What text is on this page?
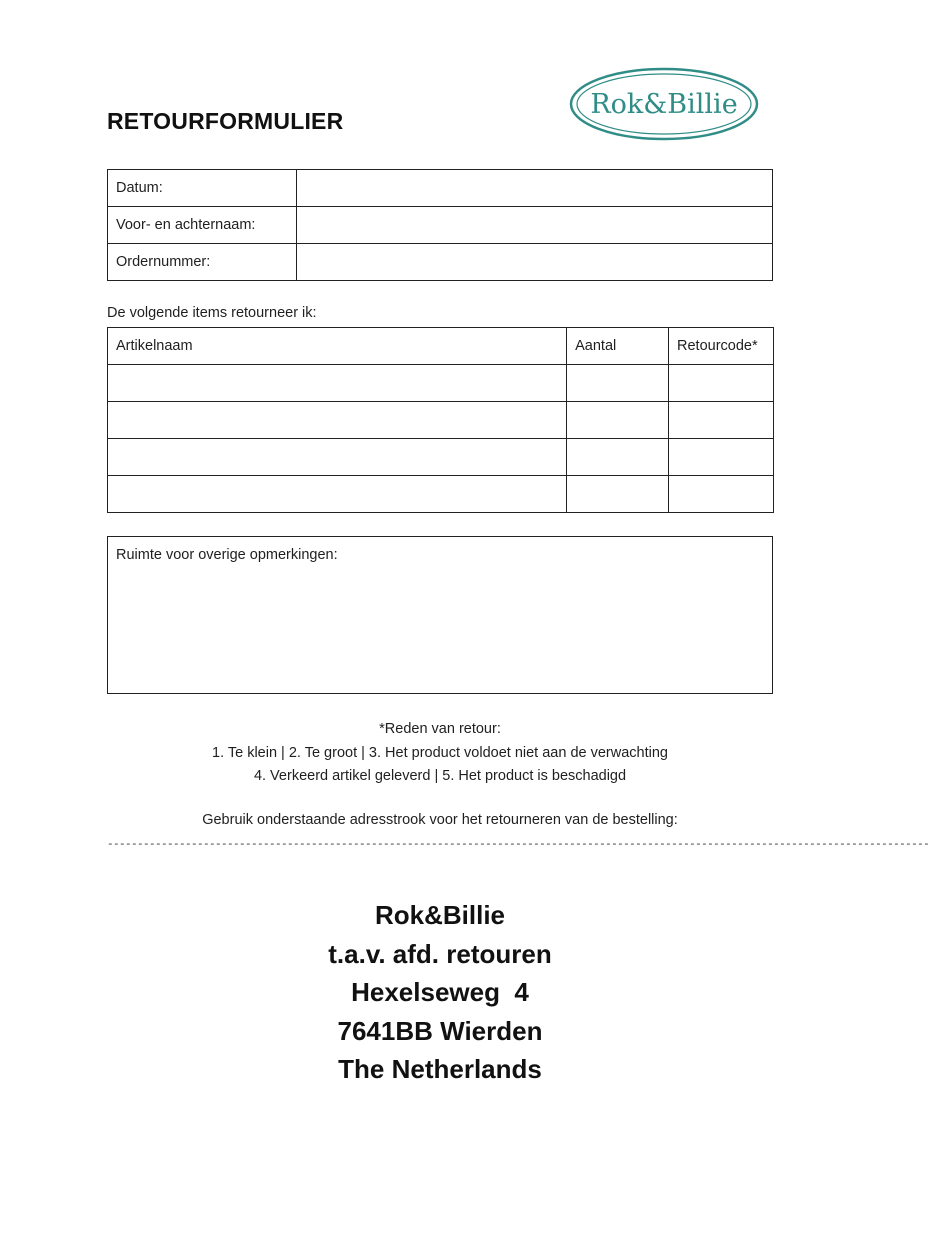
RETOURFORMULIER
Rok&Billie
Datum:	
Voor- en achternaam:	
Ordernummer:	
De volgende items retourneer ik:
Artikelnaam	Aantal	Retourcode*

Ruimte voor overige opmerkingen:
*Reden van retour:
1. Te klein | 2. Te groot | 3. Het product voldoet niet aan de verwachting
4. Verkeerd artikel geleverd | 5. Het product is beschadigd
Gebruik onderstaande adresstrook voor het retourneren van de bestelling:
-----------------------------------------------------------------------------------------------------------------------------------------
Rok&Billie
t.a.v. afd. retouren
Hexelseweg  4
7641BB Wierden
The Netherlands
